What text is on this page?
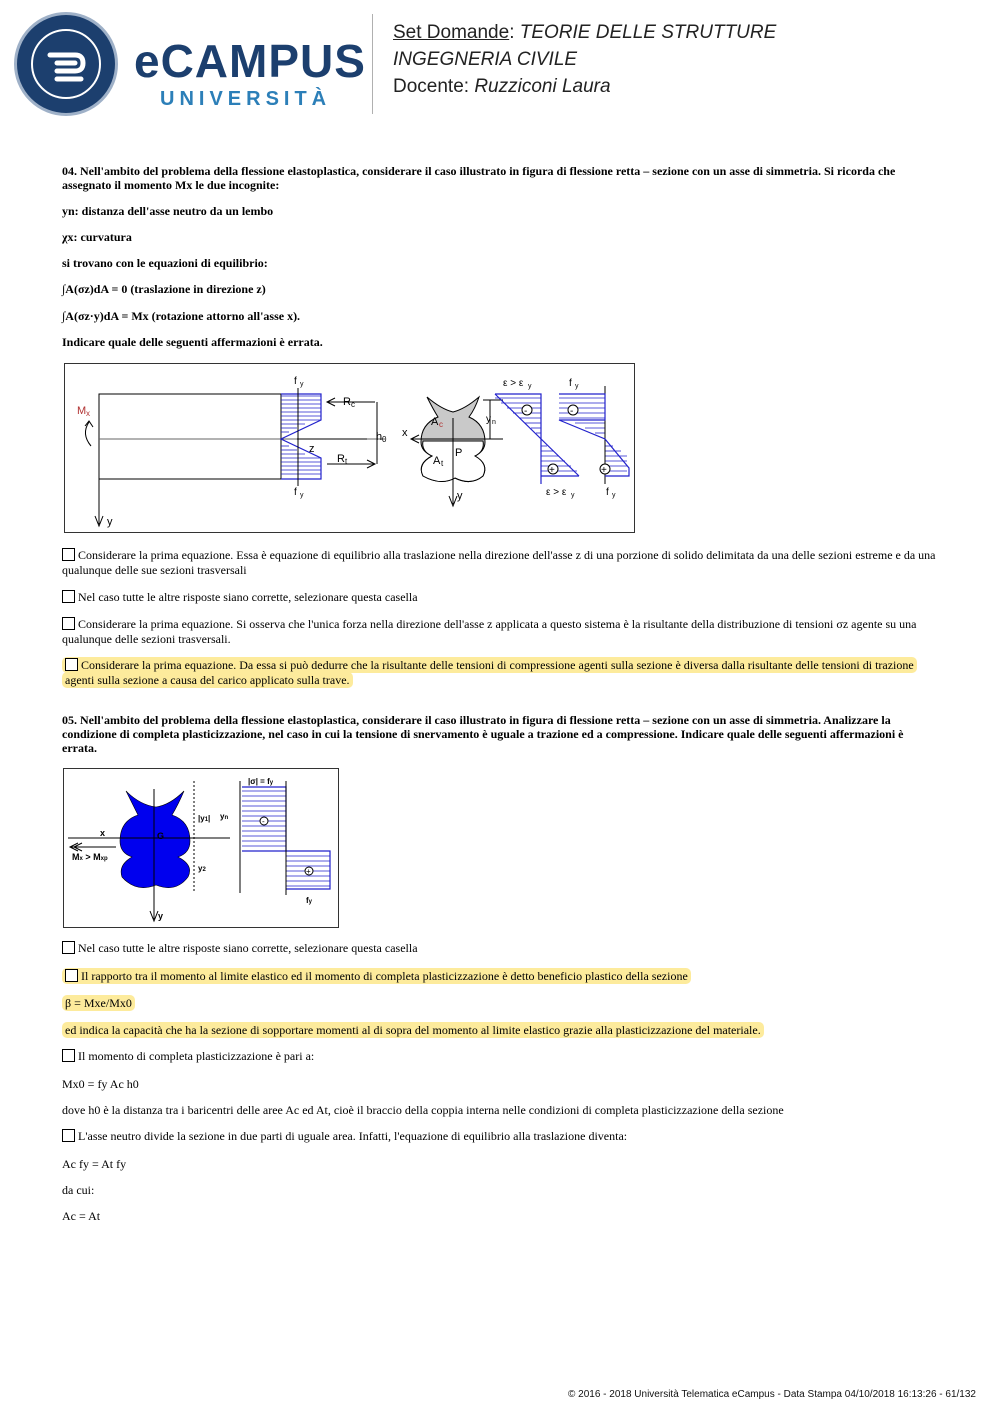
eCAMPUS
UNIVERSITÀ
Set Domande: TEORIE DELLE STRUTTURE
INGEGNERIA CIVILE
Docente: Ruzziconi Laura
04. Nell'ambito del problema della flessione elastoplastica, considerare il caso illustrato in figura di flessione retta – sezione con un asse di simmetria. Si ricorda che assegnato il momento Mx le due incognite:
yn: distanza dell'asse neutro da un lembo
χx: curvatura
si trovano con le equazioni di equilibrio:
∫A(σz)dA = 0 (traslazione in direzione z)
∫A(σz·y)dA = Mx (rotazione attorno all'asse x).
Indicare quale delle seguenti affermazioni è errata.
f y
f y
R c
R t
h 0
z
M x
y
A c
A t
P
x
y
y n
-	-
+	+
ε > ε y
ε > ε y
f y
f y
Considerare la prima equazione. Essa è equazione di equilibrio alla traslazione nella direzione dell'asse z di una porzione di solido delimitata da una delle sezioni estreme e da una qualunque delle sue sezioni trasversali
Nel caso tutte le altre risposte siano corrette, selezionare questa casella
Considerare la prima equazione. Si osserva che l'unica forza nella direzione dell'asse z applicata a questo sistema è la risultante della distribuzione di tensioni σz agente su una qualunque delle sezioni trasversali.
Considerare la prima equazione. Da essa si può dedurre che la risultante delle tensioni di compressione agenti sulla sezione è diversa dalla risultante delle tensioni di trazione agenti sulla sezione a causa del carico applicato sulla trave.
05. Nell'ambito del problema della flessione elastoplastica, considerare il caso illustrato in figura di flessione retta – sezione con un asse di simmetria. Analizzare la condizione di completa plasticizzazione, nel caso in cui la tensione di snervamento è uguale a trazione ed a compressione. Indicare quale delle seguenti affermazioni è errata.
x	G
y
Mx > Mxp
|y1| yn
y2
-
+
|σ| = fy
fy
Nel caso tutte le altre risposte siano corrette, selezionare questa casella
Il rapporto tra il momento al limite elastico ed il momento di completa plasticizzazione è detto beneficio plastico della sezione
β = Mxe/Mx0
ed indica la capacità che ha la sezione di sopportare momenti al di sopra del momento al limite elastico grazie alla plasticizzazione del materiale.
Il momento di completa plasticizzazione è pari a:
Mx0 = fy Ac h0
dove h0 è la distanza tra i baricentri delle aree Ac ed At, cioè il braccio della coppia interna nelle condizioni di completa plasticizzazione della sezione
L'asse neutro divide la sezione in due parti di uguale area. Infatti, l'equazione di equilibrio alla traslazione diventa:
Ac fy = At fy
da cui:
Ac = At
© 2016 - 2018 Università Telematica eCampus - Data Stampa 04/10/2018 16:13:26 - 61/132
